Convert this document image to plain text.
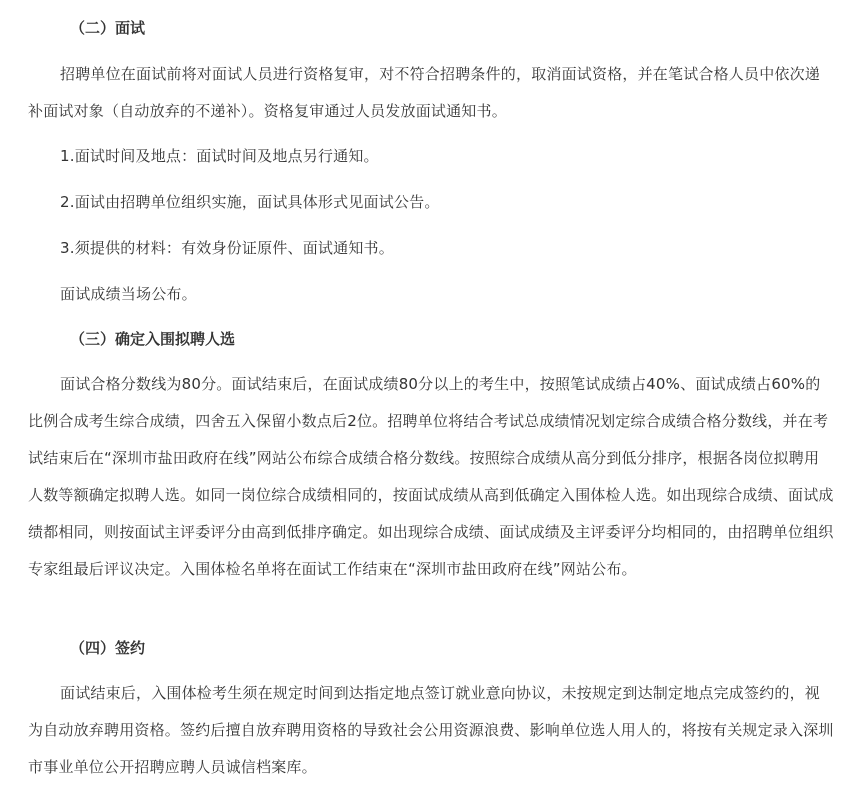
（二）面试
招聘单位在面试前将对面试人员进行资格复审，对不符合招聘条件的，取消面试资格，并在笔试合格人员中依次递补面试对象（自动放弃的不递补）。资格复审通过人员发放面试通知书。
1.面试时间及地点：面试时间及地点另行通知。
2.面试由招聘单位组织实施，面试具体形式见面试公告。
3.须提供的材料：有效身份证原件、面试通知书。
面试成绩当场公布。
（三）确定入围拟聘人选
面试合格分数线为80分。面试结束后，在面试成绩80分以上的考生中，按照笔试成绩占40%、面试成绩占60%的比例合成考生综合成绩，四舍五入保留小数点后2位。招聘单位将结合考试总成绩情况划定综合成绩合格分数线，并在考试结束后在“深圳市盐田政府在线”网站公布综合成绩合格分数线。按照综合成绩从高分到低分排序，根据各岗位拟聘用人数等额确定拟聘人选。如同一岗位综合成绩相同的，按面试成绩从高到低确定入围体检人选。如出现综合成绩、面试成绩都相同，则按面试主评委评分由高到低排序确定。如出现综合成绩、面试成绩及主评委评分均相同的，由招聘单位组织专家组最后评议决定。入围体检名单将在面试工作结束在“深圳市盐田政府在线”网站公布。
（四）签约
面试结束后，入围体检考生须在规定时间到达指定地点签订就业意向协议，未按规定到达制定地点完成签约的，视为自动放弃聘用资格。签约后擅自放弃聘用资格的导致社会公用资源浪费、影响单位选人用人的，将按有关规定录入深圳市事业单位公开招聘应聘人员诚信档案库。
